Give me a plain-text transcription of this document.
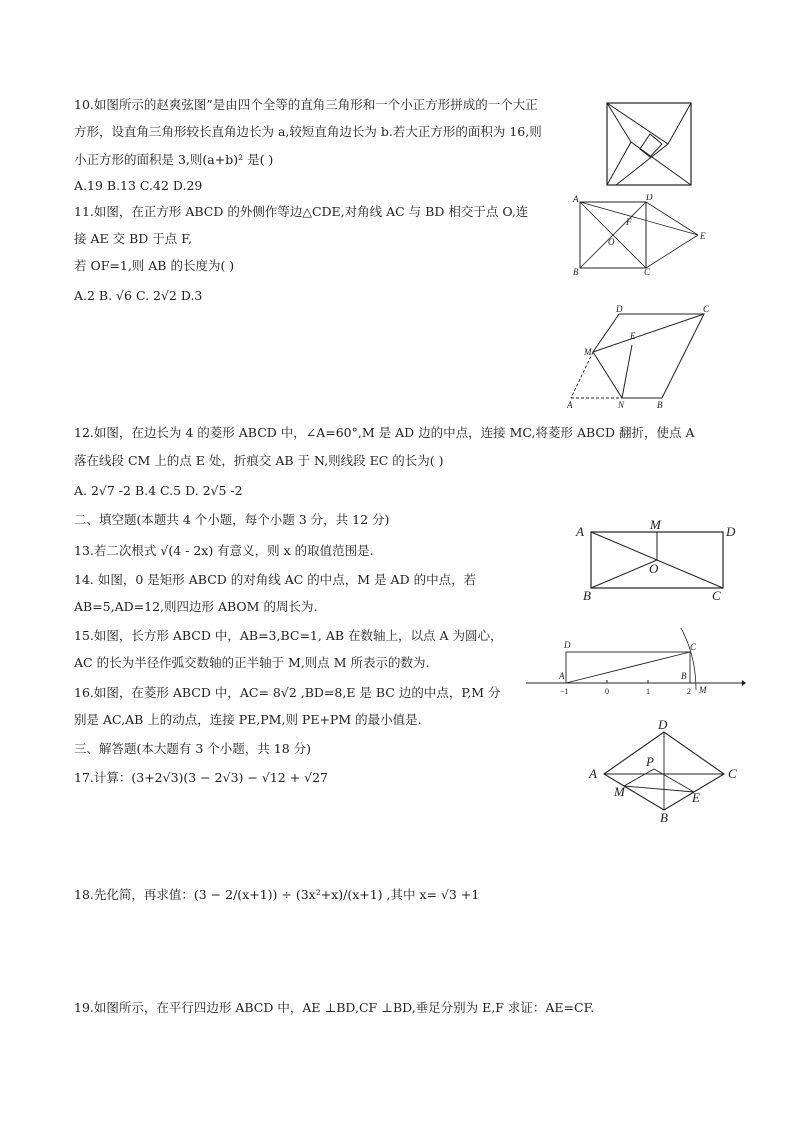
10.如图所示的赵爽弦图”是由四个全等的直角三角形和一个小正方形拼成的一个大正
方形，设直角三角形较长直角边长为 a,较短直角边长为 b.若大正方形的面积为 16,则
小正方形的面积是 3,则(a+b)² 是( )
A.19 B.13 C.42 D.29
11.如图，在正方形 ABCD 的外侧作等边△CDE,对角线 AC 与 BD 相交于点 O,连
接 AE 交 BD 于点 F,
若 OF=1,则 AB 的长度为( )
A.2 B. √6 C. 2√2 D.3
A	D
F
O
E
B	C
D	C
M
E
A	N	B
12.如图，在边长为 4 的菱形 ABCD 中，∠A=60°,M 是 AD 边的中点，连接 MC,将菱形 ABCD 翻折，使点 A
落在线段 CM 上的点 E 处，折痕交 AB 于 N,则线段 EC 的长为( )
A. 2√7 -2 B.4 C.5 D. 2√5 -2
二、填空题(本题共 4 个小题，每个小题 3 分，共 12 分)
13.若二次根式 √(4 - 2x) 有意义，则 x 的取值范围是.
14. 如图，0 是矩形 ABCD 的对角线 AC 的中点，M 是 AD 的中点，若
AB=5,AD=12,则四边形 ABOM 的周长为.
A	M	D
O
B	C
15.如图，长方形 ABCD 中，AB=3,BC=1, AB 在数轴上，以点 A 为圆心，
AC 的长为半径作弧交数轴的正半轴于 M,则点 M 所表示的数为.
D	C
A	B
M
−1	0	1	2
16.如图，在菱形 ABCD 中，AC= 8√2 ,BD=8,E 是 BC 边的中点，P,M 分
别是 AC,AB 上的动点，连接 PE,PM,则 PE+PM 的最小值是.
三、解答题(本大题有 3 个小题，共 18 分)
17.计算：(3+2√3)(3 − 2√3) − √12 + √27
D
A
P
C
M	E
B
18.先化简，再求值：(3 − 2/(x+1)) ÷ (3x²+x)/(x+1) ,其中 x= √3 +1
19.如图所示，在平行四边形 ABCD 中，AE ⊥BD,CF ⊥BD,垂足分别为 E,F 求证：AE=CF.
